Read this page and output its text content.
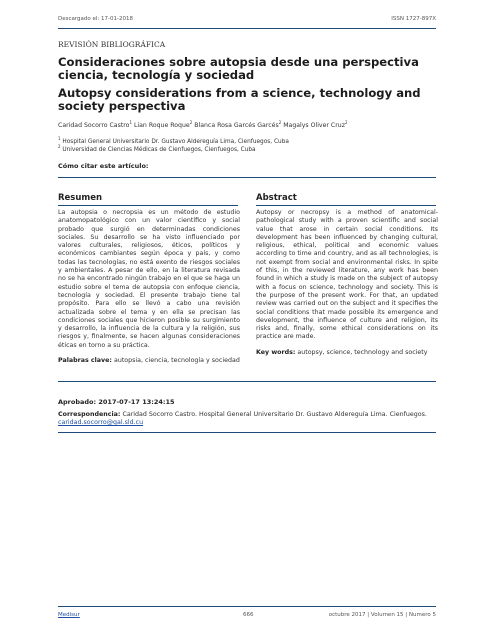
Descargado el: 17-01-2018	ISSN 1727-897X
REVISIÓN BIBLIOGRÁFICA
Consideraciones sobre autopsia desde una perspectiva ciencia, tecnología y sociedad
Autopsy considerations from a science, technology and society perspectiva
Caridad Socorro Castro$^1$ Lian Roque Roque$^2$ Blanca Rosa Garcés Garcés$^2$ Magalys Oliver Cruz$^2$
$^1$ Hospital General Universitario Dr. Gustavo Aldereguía Lima, Cienfuegos, Cuba
$^2$ Universidad de Ciencias Médicas de Cienfuegos, Cienfuegos, Cuba
Cómo citar este artículo:
Resumen	Abstract
La autopsia o necropsia es un método de estudio anatomopatológico con un valor científico y social probado que surgió en determinadas condiciones sociales. Su desarrollo se ha visto influenciado por valores culturales, religiosos, éticos, políticos y económicos cambiantes según época y país, y como todas las tecnologías, no está exento de riesgos sociales y ambientales. A pesar de ello, en la literatura revisada no se ha encontrado ningún trabajo en el que se haga un estudio sobre el tema de autopsia con enfoque ciencia, tecnología y sociedad. El presente trabajo tiene tal propósito. Para ello se llevó a cabo una revisión actualizada sobre el tema y en ella se precisan las condiciones sociales que hicieron posible su surgimiento y desarrollo, la influencia de la cultura y la religión, sus riesgos y, finalmente, se hacen algunas consideraciones éticas en torno a su práctica.
Autopsy or necropsy is a method of anatomical-pathological study with a proven scientific and social value that arose in certain social conditions. Its development has been influenced by changing cultural, religious, ethical, political and economic values according to time and country, and as all technologies, is not exempt from social and environmental risks. In spite of this, in the reviewed literature, any work has been found in which a study is made on the subject of autopsy with a focus on science, technology and society. This is the purpose of the present work. For that, an updated review was carried out on the subject and it specifies the social conditions that made possible its emergence and development, the influence of culture and religion, its risks and, finally, some ethical considerations on its practice are made.
Palabras clave: autopsia, ciencia, tecnología y sociedad
Key words: autopsy, science, technology and society
Aprobado: 2017-07-17 13:24:15
Correspondencia: Caridad Socorro Castro. Hospital General Universitario Dr. Gustavo Aldereguía Lima. Cienfuegos. caridad.socorro@gal.sld.cu
Medisur	666	octubre 2017 | Volumen 15 | Numero 5
